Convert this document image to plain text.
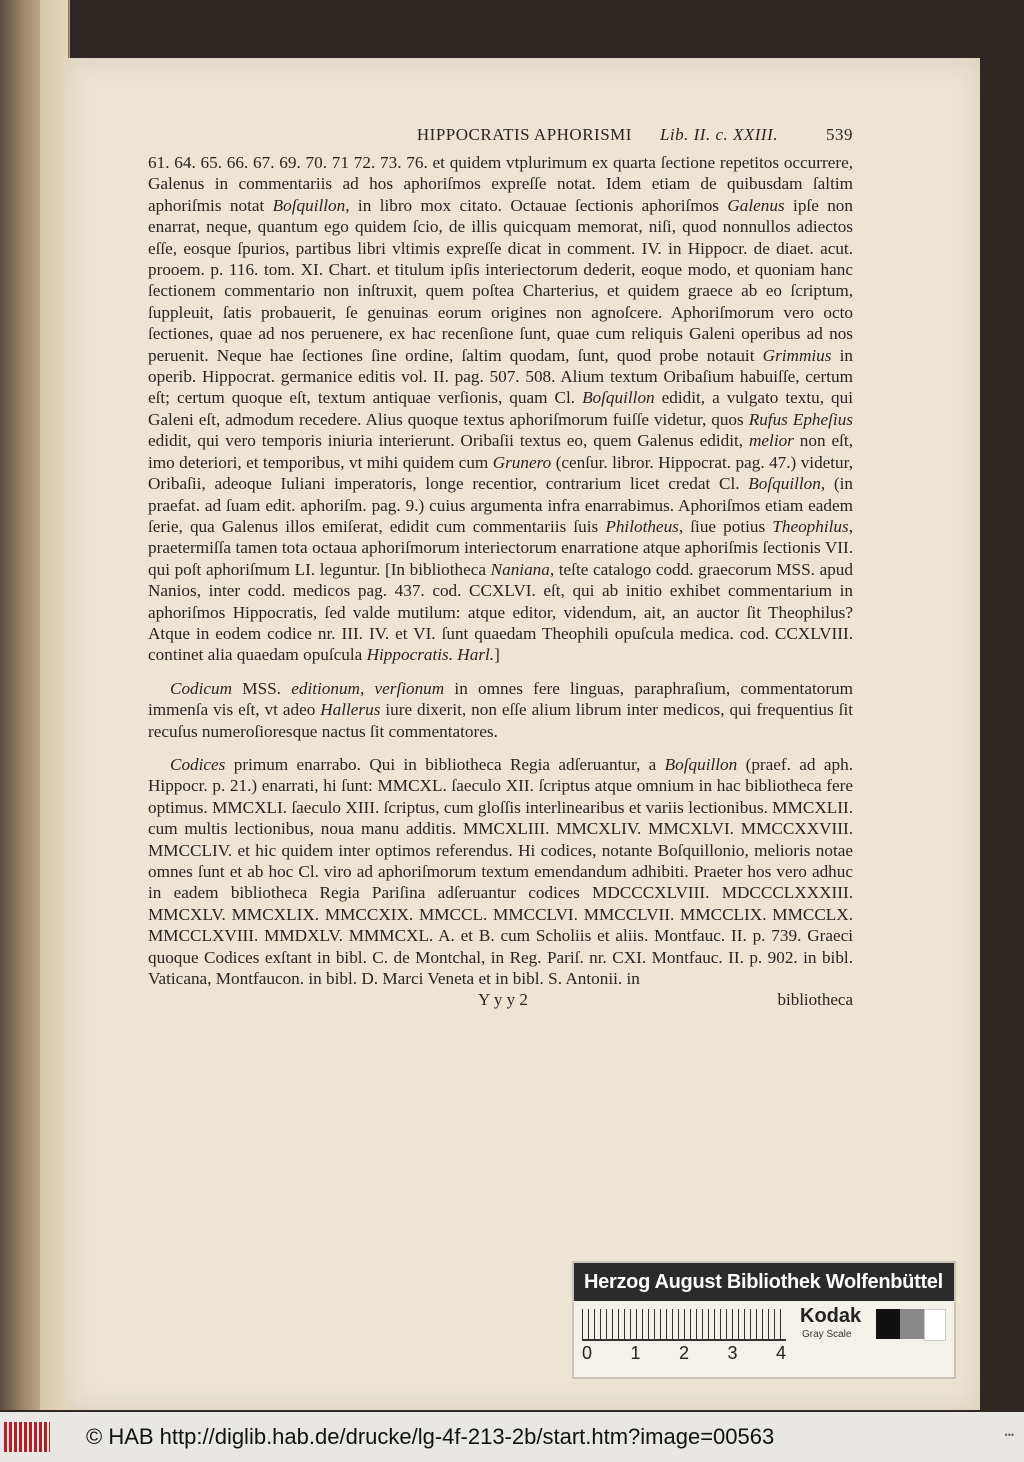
HIPPOCRATIS APHORISMI Lib. II. c. XXIII.	539

61. 64. 65. 66. 67. 69. 70. 71 72. 73. 76. et quidem vtplurimum ex quarta ſectione repetitos occurrere, Galenus in commentariis ad hos aphoriſmos expreſſe notat. Idem etiam de quibusdam ſaltim aphoriſmis notat Boſquillon, in libro mox citato. Octauae ſectionis aphoriſmos Galenus ipſe non enarrat, neque, quantum ego quidem ſcio, de illis quicquam memorat, niſi, quod nonnullos adiectos eſſe, eosque ſpurios, partibus libri vltimis expreſſe dicat in comment. IV. in Hippocr. de diaet. acut. prooem. p. 116. tom. XI. Chart. et titulum ipſis interiectorum dederit, eoque modo, et quoniam hanc ſectionem commentario non inſtruxit, quem poſtea Charterius, et quidem graece ab eo ſcriptum, ſuppleuit, ſatis probauerit, ſe genuinas eorum origines non agnoſcere. Aphoriſmorum vero octo ſectiones, quae ad nos peruenere, ex hac recenſione ſunt, quae cum reliquis Galeni operibus ad nos peruenit. Neque hae ſectiones ſine ordine, ſaltim quodam, ſunt, quod probe notauit Grimmius in operib. Hippocrat. germanice editis vol. II. pag. 507. 508. Alium textum Oribaſium habuiſſe, certum eſt; certum quoque eſt, textum antiquae verſionis, quam Cl. Boſquillon edidit, a vulgato textu, qui Galeni eſt, admodum recedere. Alius quoque textus aphoriſmorum fuiſſe videtur, quos Rufus Epheſius edidit, qui vero temporis iniuria interierunt. Oribaſii textus eo, quem Galenus edidit, melior non eſt, imo deteriori, et temporibus, vt mihi quidem cum Grunero (cenſur. libror. Hippocrat. pag. 47.) videtur, Oribaſii, adeoque Iuliani imperatoris, longe recentior, contrarium licet credat Cl. Boſquillon, (in praefat. ad ſuam edit. aphoriſm. pag. 9.) cuius argumenta infra enarrabimus. Aphoriſmos etiam eadem ſerie, qua Galenus illos emiſerat, edidit cum commentariis ſuis Philotheus, ſiue potius Theophilus, praetermiſſa tamen tota octaua aphoriſmorum interiectorum enarratione atque aphoriſmis ſectionis VII. qui poſt aphoriſmum LI. leguntur. [In bibliotheca Naniana, teſte catalogo codd. graecorum MSS. apud Nanios, inter codd. medicos pag. 437. cod. CCXLVI. eſt, qui ab initio exhibet commentarium in aphoriſmos Hippocratis, ſed valde mutilum: atque editor, videndum, ait, an auctor ſit Theophilus? Atque in eodem codice nr. III. IV. et VI. ſunt quaedam Theophili opuſcula medica. cod. CCXLVIII. continet alia quaedam opuſcula Hippocratis. Harl.]

Codicum MSS. editionum, verſionum in omnes fere linguas, paraphraſium, commentatorum immenſa vis eſt, vt adeo Hallerus iure dixerit, non eſſe alium librum inter medicos, qui frequentius ſit recuſus numeroſioresque nactus ſit commentatores.

Codices primum enarrabo. Qui in bibliotheca Regia adſeruantur, a Boſquillon (praef. ad aph. Hippocr. p. 21.) enarrati, hi ſunt: MMCXL. ſaeculo XII. ſcriptus atque omnium in hac bibliotheca fere optimus. MMCXLI. ſaeculo XIII. ſcriptus, cum gloſſis interlinearibus et variis lectionibus. MMCXLII. cum multis lectionibus, noua manu additis. MMCXLIII. MMCXLIV. MMCXLVI. MMCCXXVIII. MMCCLIV. et hic quidem inter optimos referendus. Hi codices, notante Boſquillonio, melioris notae omnes ſunt et ab hoc Cl. viro ad aphoriſmorum textum emendandum adhibiti. Praeter hos vero adhuc in eadem bibliotheca Regia Pariſina adſeruantur codices MDCCCXLVIII. MDCCCLXXXIII. MMCXLV. MMCXLIX. MMCCXIX. MMCCL. MMCCLVI. MMCCLVII. MMCCLIX. MMCCLX. MMCCLXVIII. MMDXLV. MMMCXL. A. et B. cum Scholiis et aliis. Montfauc. II. p. 739. Graeci quoque Codices exſtant in bibl. C. de Montchal, in Reg. Pariſ. nr. CXI. Montfauc. II. p. 902. in bibl. Vaticana, Montfaucon. in bibl. D. Marci Veneta et in bibl. S. Antonii. in

Y y y 2	bibliotheca
Herzog August Bibliothek Wolfenbüttel
0 1 2 3 4
Kodak
Gray Scale
© HAB http://diglib.hab.de/drucke/lg-4f-213-2b/start.htm?image=00563	•••
